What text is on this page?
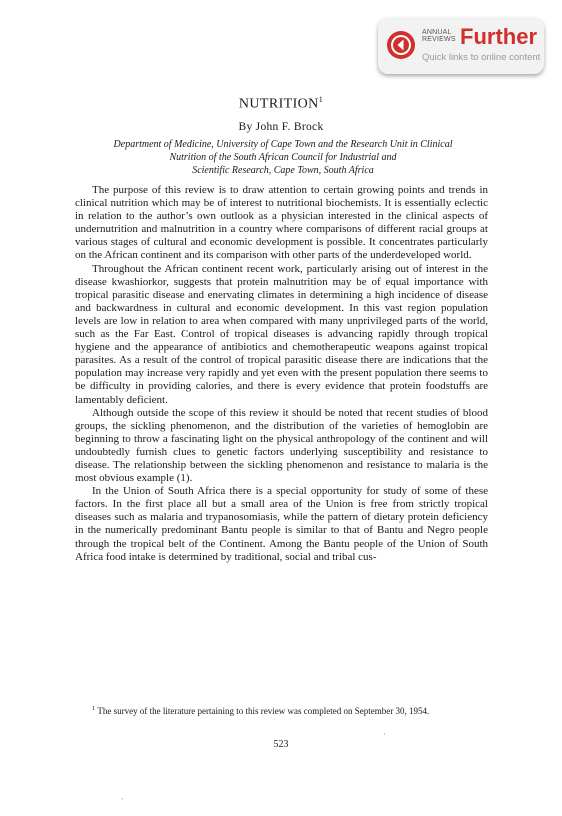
ANNUAL
REVIEWS Further
Quick links to online content
NUTRITION$^1$
By John F. Brock
Department of Medicine, University of Cape Town and the Research Unit in Clinical
Nutrition of the South African Council for Industrial and
Scientific Research, Cape Town, South Africa

The purpose of this review is to draw attention to certain growing points and trends in clinical nutrition which may be of interest to nutritional biochemists. It is essentially eclectic in relation to the author’s own outlook as a physician interested in the clinical aspects of undernutrition and malnutrition in a country where comparisons of different racial groups at various stages of cultural and economic development is possible. It concentrates particularly on the African continent and its comparison with other parts of the underdeveloped world.

Throughout the African continent recent work, particularly arising out of interest in the disease kwashiorkor, suggests that protein malnutrition may be of equal importance with tropical parasitic disease and enervating climates in determining a high incidence of disease and backwardness in cultural and economic development. In this vast region population levels are low in relation to area when compared with many unprivileged parts of the world, such as the Far East. Control of tropical diseases is advancing rapidly through tropical hygiene and the appearance of antibiotics and chemotherapeutic weapons against tropical parasites. As a result of the control of tropical parasitic disease there are indications that the population may increase very rapidly and yet even with the present population there seems to be difficulty in providing calories, and there is every evidence that protein foodstuffs are lamentably deficient.

Although outside the scope of this review it should be noted that recent studies of blood groups, the sickling phenomenon, and the distribution of the varieties of hemoglobin are beginning to throw a fascinating light on the physical anthropology of the continent and will undoubtedly furnish clues to genetic factors underlying susceptibility and resistance to disease. The relationship between the sickling phenomenon and resistance to malaria is the most obvious example (1).

In the Union of South Africa there is a special opportunity for study of some of these factors. In the first place all but a small area of the Union is free from strictly tropical diseases such as malaria and trypanosomiasis, while the pattern of dietary protein deficiency in the numerically predominant Bantu people is similar to that of Bantu and Negro people through the tropical belt of the Continent. Among the Bantu people of the Union of South Africa food intake is determined by traditional, social and tribal cus-

$^1$ The survey of the literature pertaining to this review was completed on September 30, 1954.
523
·
`
